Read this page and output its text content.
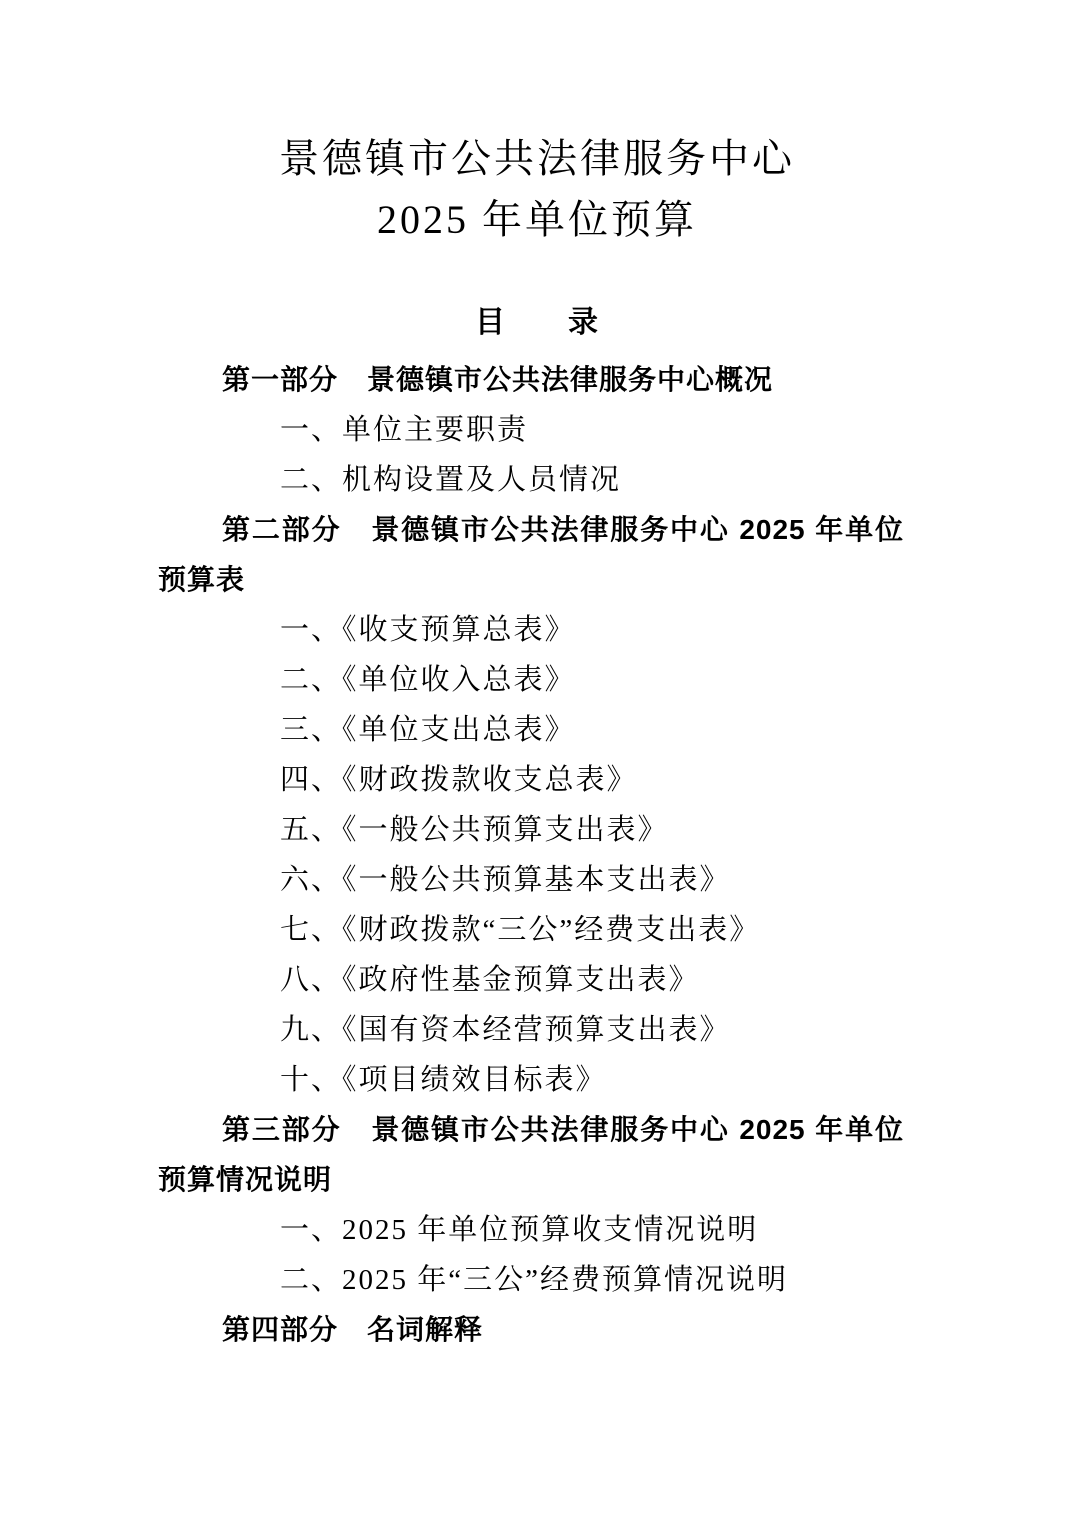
景德镇市公共法律服务中心
2025 年单位预算
目　　录
第一部分　景德镇市公共法律服务中心概况
一、单位主要职责
二、机构设置及人员情况
第二部分　景德镇市公共法律服务中心 2025 年单位预算表
一、《收支预算总表》
二、《单位收入总表》
三、《单位支出总表》
四、《财政拨款收支总表》
五、《一般公共预算支出表》
六、《一般公共预算基本支出表》
七、《财政拨款“三公”经费支出表》
八、《政府性基金预算支出表》
九、《国有资本经营预算支出表》
十、《项目绩效目标表》
第三部分　景德镇市公共法律服务中心 2025 年单位预算情况说明
一、2025 年单位预算收支情况说明
二、2025 年“三公”经费预算情况说明
第四部分　名词解释
